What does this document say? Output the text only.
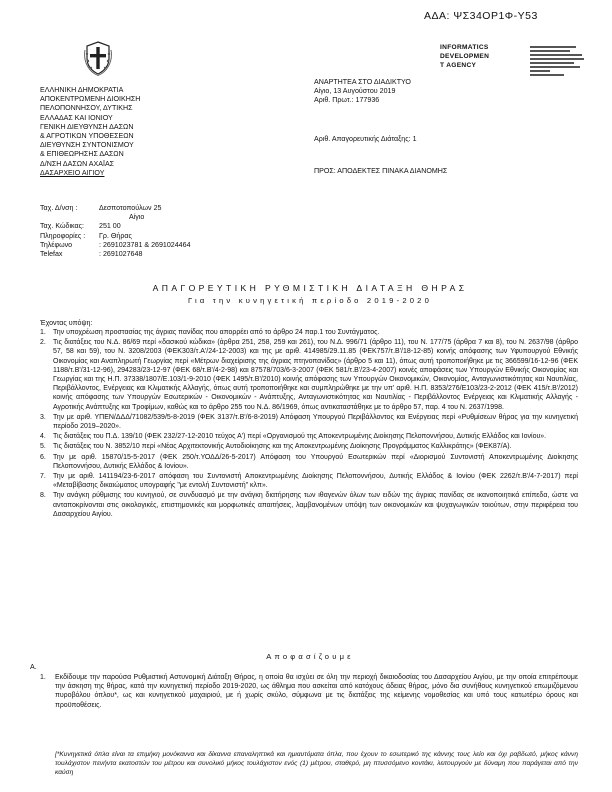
ΑΔΑ: ΨΣ34ΟΡ1Φ-Υ53
INFORMATICS
DEVELOPMEN
T AGENCY
ΕΛΛΗΝΙΚΗ ΔΗΜΟΚΡΑΤΙΑ
ΑΠΟΚΕΝΤΡΩΜΕΝΗ ΔΙΟΙΚΗΣΗ
ΠΕΛΟΠΟΝΝΗΣΟΥ, ΔΥΤΙΚΗΣ
ΕΛΛΑΔΑΣ ΚΑΙ ΙΟΝΙΟΥ
ΓΕΝΙΚΗ ΔΙΕΥΘΥΝΣΗ ΔΑΣΩΝ
& ΑΓΡΟΤΙΚΩΝ ΥΠΟΘΕΣΕΩΝ
ΔΙΕΥΘΥΝΣΗ ΣΥΝΤΟΝΙΣΜΟΥ
& ΕΠΙΘΕΩΡΗΣΗΣ ΔΑΣΩΝ
Δ/ΝΣΗ ΔΑΣΩΝ ΑΧΑΪΑΣ
ΔΑΣΑΡΧΕΙΟ ΑΙΓΙΟΥ
ΑΝΑΡΤΗΤΕΑ ΣΤΟ ΔΙΑΔΙΚΤΥΟ
Αίγιο, 13 Αυγούστου 2019
Αριθ. Πρωτ.: 177936
Αριθ. Απαγορευτικής Διάταξης: 1
ΠΡΟΣ: ΑΠΟΔΕΚΤΕΣ ΠΙΝΑΚΑ ΔΙΑΝΟΜΗΣ
Ταχ. Δ/νση :	Δεσποτοπούλων 25
Αίγιο
Ταχ. Κώδικας:	251 00
Πληροφορίες :	Γρ. Θήρας
Τηλέφωνο	: 2691023781 & 2691024464
Telefax	: 2691027648
ΑΠΑΓΟΡΕΥΤΙΚΗ ΡΥΘΜΙΣΤΙΚΗ ΔΙΑΤΑΞΗ ΘΗΡΑΣ
Για την κυνηγετική περίοδο 2019-2020
Έχοντας υπόψη:
1.	Την υποχρέωση προστασίας της άγριας πανίδας που απορρέει από το άρθρο 24 παρ.1 του Συντάγματος.
2.	Τις διατάξεις του Ν.Δ. 86/69 περί «δασικού κώδικα» (άρθρα 251, 258, 259 και 261), του Ν.Δ. 996/71 (άρθρο 11), του Ν. 177/75 (άρθρα 7 και 8), του Ν. 2637/98 (άρθρο 57, 58 και 59), του Ν. 3208/2003 (ΦΕΚ303/τ.Α'/24-12-2003) και της με αριθ. 414985/29.11.85 (ΦΕΚ757/τ.Β'/18-12-85) κοινής απόφασης των Υφυπουργού Εθνικής Οικονομίας και Αναπληρωτή Γεωργίας περί «Μέτρων διαχείρισης της άγριας πτηνοπανίδας» (άρθρο 5 και 11), όπως αυτή τροποποιήθηκε με τις 366599/16-12-96 (ΦΕΚ 1188/τ.Β'/31-12-96), 294283/23-12-97 (ΦΕΚ 68/τ.Β'/4-2-98) και 87578/703/6-3-2007 (ΦΕΚ 581/τ.Β'/23-4-2007) κοινές αποφάσεις των Υπουργών Εθνικής Οικονομίας και Γεωργίας και της Η.Π. 37338/1807/Ε.103/1-9-2010 (ΦΕΚ 1495/τ.Β'/2010) κοινής απόφασης των Υπουργών Οικονομικών, Οικονομίας, Ανταγωνιστικότητας και Ναυτιλίας, Περιβάλλοντος, Ενέργειας και Κλιματικής Αλλαγής, όπως αυτή τροποποιήθηκε και συμπληρώθηκε με την υπ' αριθ. Η.Π. 8353/276/Ε103/23-2-2012 (ΦΕΚ 415/τ.Β'/2012) κοινής απόφασης των Υπουργών Εσωτερικών - Οικονομικών - Ανάπτυξης, Ανταγωνιστικότητας και Ναυτιλίας - Περιβάλλοντος Ενέργειας και Κλιματικής Αλλαγής - Αγροτικής Ανάπτυξης και Τροφίμων, καθώς και το άρθρο 255 του Ν.Δ. 86/1969, όπως αντικαταστάθηκε με το άρθρο 57, παρ. 4 του Ν. 2637/1998.
3.	Την με αριθ. ΥΠΕΝ/ΔΔΔ/71082/539/5-8-2019 (ΦΕΚ 3137/τ.Β'/6-8-2019) Απόφαση Υπουργού Περιβάλλοντος και Ενέργειας περί «Ρυθμίσεων θήρας για την κυνηγετική περίοδο 2019–2020».
4.	Τις διατάξεις του Π.Δ. 139/10 (ΦΕΚ 232/27-12-2010 τεύχος Α') περί «Οργανισμού της Αποκεντρωμένης Διοίκησης Πελοποννήσου, Δυτικής Ελλάδος και Ιονίου».
5.	Τις διατάξεις του Ν. 3852/10 περί «Νέας Αρχιτεκτονικής Αυτοδιοίκησης και της Αποκεντρωμένης Διοίκησης Προγράμματος Καλλικράτης» (ΦΕΚ87/Α).
6.	Την με αριθ. 15870/15-5-2017 (ΦΕΚ 250/τ.ΥΟΔΔ/26-5-2017) Απόφαση του Υπουργού Εσωτερικών περί «Διορισμού Συντονιστή Αποκεντρωμένης Διοίκησης Πελοποννήσου, Δυτικής Ελλάδος & Ιονίου».
7.	Την με αριθ. 141194/23-6-2017 απόφαση του Συντονιστή Αποκεντρωμένης Διοίκησης Πελοποννήσου, Δυτικής Ελλάδος & Ιονίου (ΦΕΚ 2262/τ.Β'/4-7-2017) περί «Μεταβίβασης δικαιώματος υπογραφής "με εντολή Συντονιστή" κλπ».
8.	Την ανάγκη ρύθμισης του κυνηγιού, σε συνδυασμό με την ανάγκη διατήρησης των ιθαγενών όλων των ειδών της άγριας πανίδας σε ικανοποιητικά επίπεδα, ώστε να ανταποκρίνονται στις οικολογικές, επιστημονικές και μορφωτικές απαιτήσεις, λαμβανομένων υπόψη των οικονομικών και ψυχαγωγικών τοιούτων, στην περιφέρεια του Δασαρχείου Αιγίου.
Αποφασίζουμε
Α.
1.	Εκδίδουμε την παρούσα Ρυθμιστική Αστυνομική Διάταξη Θήρας, η οποία θα ισχύει σε όλη την περιοχή δικαιοδοσίας του Δασαρχείου Αιγίου, με την οποία επιτρέπουμε την άσκηση της θήρας, κατά την κυνηγετική περίοδο 2019-2020, ως άθλημα που ασκείται από κατόχους άδειας θήρας, μόνο δια συνήθους κυνηγετικού επωμιζόμενου πυροβόλου όπλου*, ως και κυνηγετικού μαχαιριού, με ή χωρίς σκύλο, σύμφωνα με τις διατάξεις της κείμενης νομοθεσίας και υπό τους κατωτέρω όρους και προϋποθέσεις.
[*Κυνηγετικά όπλα είναι τα επιμήκη μονόκαννα και δίκαννα επαναληπτικά και ημιαυτόματα όπλα, που έχουν το εσωτερικό της κάννης τους λείο και όχι ραβδωτό, μήκος κάννη τουλάχιστον πενήντα εκατοστών του μέτρου και συνολικό μήκος τουλάχιστον ενός (1) μέτρου, σταθερό, μη πτυσσόμενο κοντάκι, λειτουργούν με δύναμη που παράγεται από την καύση
